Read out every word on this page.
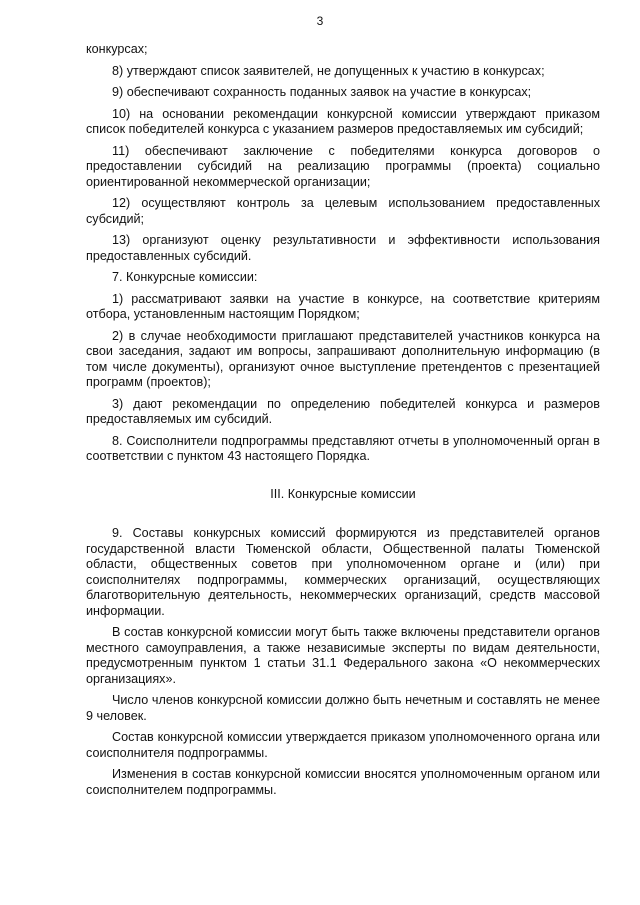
3

конкурсах;

8) утверждают список заявителей, не допущенных к участию в конкурсах;

9) обеспечивают сохранность поданных заявок на участие в конкурсах;

10) на основании рекомендации конкурсной комиссии утверждают приказом список победителей конкурса с указанием размеров предоставляемых им субсидий;

11) обеспечивают заключение с победителями конкурса договоров о предоставлении субсидий на реализацию программы (проекта) социально ориентированной некоммерческой организации;

12) осуществляют контроль за целевым использованием предоставленных субсидий;

13) организуют оценку результативности и эффективности использования предоставленных субсидий.

7. Конкурсные комиссии:

1) рассматривают заявки на участие в конкурсе, на соответствие критериям отбора, установленным настоящим Порядком;

2) в случае необходимости приглашают представителей участников конкурса на свои заседания, задают им вопросы, запрашивают дополнительную информацию (в том числе документы), организуют очное выступление претендентов с презентацией программ (проектов);

3) дают рекомендации по определению победителей конкурса и размеров предоставляемых им субсидий.

8. Соисполнители подпрограммы представляют отчеты в уполномоченный орган в соответствии с пунктом 43 настоящего Порядка.

III. Конкурсные комиссии

9. Составы конкурсных комиссий формируются из представителей органов государственной власти Тюменской области, Общественной палаты Тюменской области, общественных советов при уполномоченном органе и (или) при соисполнителях подпрограммы, коммерческих организаций, осуществляющих благотворительную деятельность, некоммерческих организаций, средств массовой информации.

В состав конкурсной комиссии могут быть также включены представители органов местного самоуправления, а также независимые эксперты по видам деятельности, предусмотренным пунктом 1 статьи 31.1 Федерального закона «О некоммерческих организациях».

Число членов конкурсной комиссии должно быть нечетным и составлять не менее 9 человек.

Состав конкурсной комиссии утверждается приказом уполномоченного органа или соисполнителя подпрограммы.

Изменения в состав конкурсной комиссии вносятся уполномоченным органом или соисполнителем подпрограммы.
